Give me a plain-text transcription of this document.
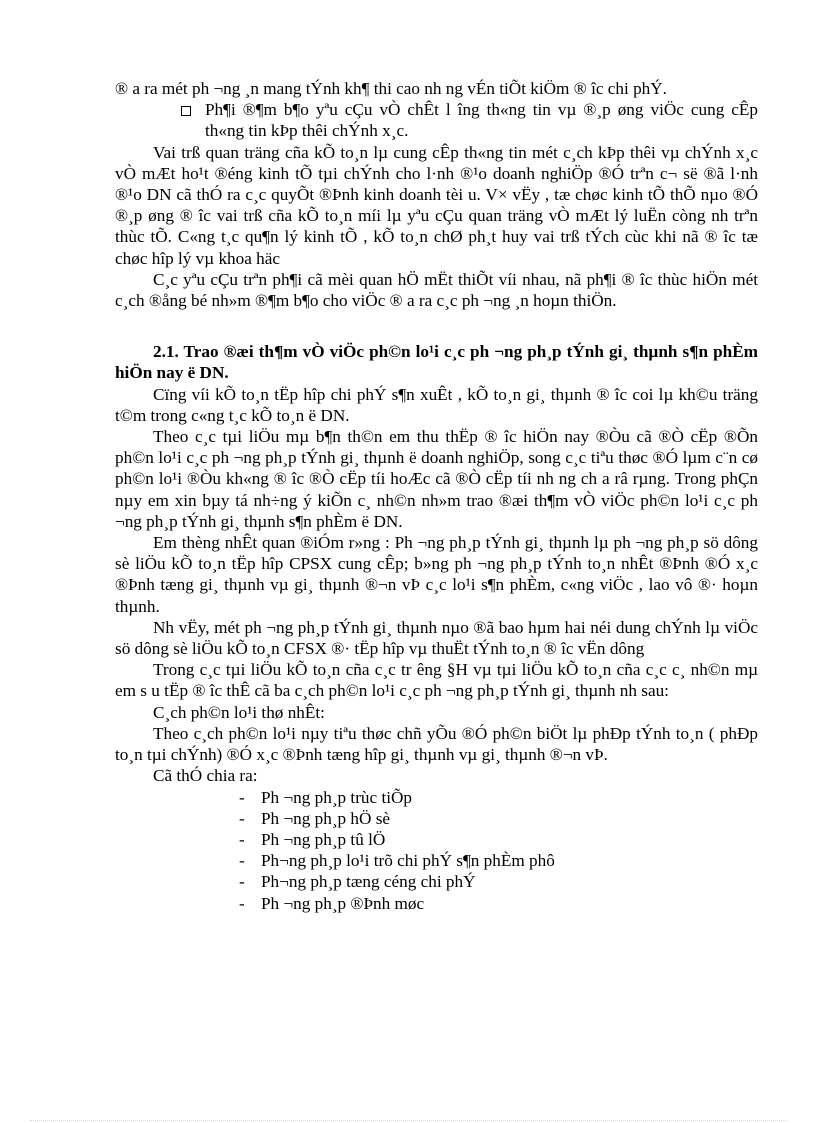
® a ra mét ph ¬ng ¸n mang tÝnh kh¶ thi cao nh ng vÉn tiÕt kiÖm ® îc chi phÝ.

Ph¶i ®¶m b¶o yªu cÇu vÒ chÊt l îng th«ng tin vµ ®¸p øng viÖc cung cÊp th«ng tin kÞp thêi chÝnh x¸c.

Vai trß quan träng cña kÕ to¸n lµ cung cÊp th«ng tin mét c¸ch kÞp thêi vµ chÝnh x¸c vÒ mÆt ho¹t ®éng kinh tÕ tµi chÝnh cho l·nh ®¹o doanh nghiÖp ®Ó trªn c¬ së ®ã l·nh ®¹o DN cã thÓ ra c¸c quyÕt ®Þnh kinh doanh tèi u. V× vËy , tæ chøc kinh tÕ thÕ nµo ®Ó ®¸p øng ® îc vai trß cña kÕ to¸n míi lµ yªu cÇu quan träng vÒ mÆt lý luËn còng nh trªn thùc tÕ. C«ng t¸c qu¶n lý kinh tÕ , kÕ to¸n chØ ph¸t huy vai trß tÝch cùc khi nã ® îc tæ chøc hîp lý vµ khoa häc

C¸c yªu cÇu trªn ph¶i cã mèi quan hÖ mËt thiÕt víi nhau, nã ph¶i ® îc thùc hiÖn mét c¸ch ®ång bé nh»m ®¶m b¶o cho viÖc ® a ra c¸c ph ¬ng ¸n hoµn thiÖn.

2.1. Trao ®æi th¶m vÒ viÖc ph©n lo¹i c¸c ph ¬ng ph¸p tÝnh gi¸ thµnh s¶n phÈm hiÖn nay ë DN.

Cïng víi kÕ to¸n tËp hîp chi phÝ s¶n xuÊt , kÕ to¸n gi¸ thµnh ® îc coi lµ kh©u träng t©m trong c«ng t¸c kÕ to¸n ë DN.

Theo c¸c tµi liÖu mµ b¶n th©n em thu thËp ® îc hiÖn nay ®Òu cã ®Ò cËp ®Õn ph©n lo¹i c¸c ph ¬ng ph¸p tÝnh gi¸ thµnh ë doanh nghiÖp, song c¸c tiªu thøc ®Ó lµm c¨n cø ph©n lo¹i ®Òu kh«ng ® îc ®Ò cËp tíi hoÆc cã ®Ò cËp tíi nh ng ch a râ rµng. Trong phÇn nµy em xin bµy tá nh÷ng ý kiÕn c¸ nh©n nh»m trao ®æi th¶m vÒ viÖc ph©n lo¹i c¸c ph ¬ng ph¸p tÝnh gi¸ thµnh s¶n phÈm ë DN.

Em thèng nhÊt quan ®iÓm r»ng : Ph ¬ng ph¸p tÝnh gi¸ thµnh lµ ph ¬ng ph¸p sö dông sè liÖu kÕ to¸n tËp hîp CPSX cung cÊp; b»ng ph ¬ng ph¸p tÝnh to¸n nhÊt ®Þnh ®Ó x¸c ®Þnh tæng gi¸ thµnh vµ gi¸ thµnh ®¬n vÞ c¸c lo¹i s¶n phÈm, c«ng viÖc , lao vô ®· hoµn thµnh.

Nh vËy, mét ph ¬ng ph¸p tÝnh gi¸ thµnh nµo ®ã bao hµm hai néi dung chÝnh lµ viÖc sö dông sè liÖu kÕ to¸n CFSX ®· tËp hîp vµ thuËt tÝnh to¸n ® îc vËn dông

Trong c¸c tµi liÖu kÕ to¸n cña c¸c tr êng §H vµ tµi liÖu kÕ to¸n cña c¸c c¸ nh©n mµ em s u tËp ® îc thÊ cã ba c¸ch ph©n lo¹i c¸c ph ¬ng ph¸p tÝnh gi¸ thµnh nh sau:

C¸ch ph©n lo¹i thø nhÊt:

Theo c¸ch ph©n lo¹i nµy tiªu thøc chñ yÕu ®Ó ph©n biÖt lµ phÐp tÝnh to¸n ( phÐp to¸n tµi chÝnh) ®Ó x¸c ®Þnh tæng hîp gi¸ thµnh vµ gi¸ thµnh ®¬n vÞ.

Cã thÓ chia ra:

- Ph ¬ng ph¸p trùc tiÕp
- Ph ¬ng ph¸p hÖ sè
- Ph ¬ng ph¸p tû lÖ
- Ph¬ng ph¸p lo¹i trõ chi phÝ s¶n phÈm phô
- Ph¬ng ph¸p tæng céng chi phÝ
- Ph ¬ng ph¸p ®Þnh møc
